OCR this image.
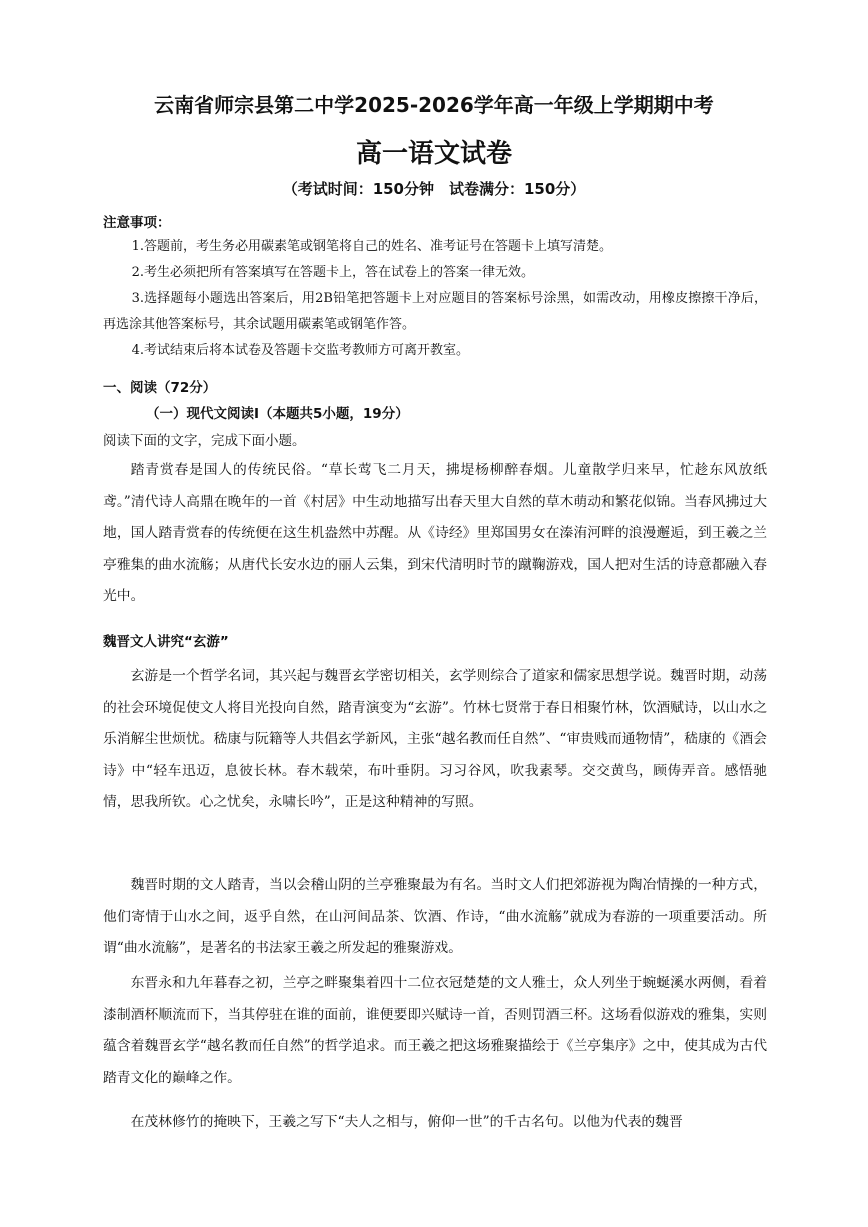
云南省师宗县第二中学2025-2026学年高一年级上学期期中考
高一语文试卷
（考试时间：150分钟　试卷满分：150分）
注意事项：
1.答题前，考生务必用碳素笔或钢笔将自己的姓名、准考证号在答题卡上填写清楚。
2.考生必须把所有答案填写在答题卡上，答在试卷上的答案一律无效。
3.选择题每小题选出答案后，用2B铅笔把答题卡上对应题目的答案标号涂黑，如需改动，用橡皮擦擦干净后，再选涂其他答案标号，其余试题用碳素笔或钢笔作答。
4.考试结束后将本试卷及答题卡交监考教师方可离开教室。
一、阅读（72分）
（一）现代文阅读Ⅰ（本题共5小题，19分）
阅读下面的文字，完成下面小题。
踏青赏春是国人的传统民俗。“草长莺飞二月天，拂堤杨柳醉春烟。儿童散学归来早，忙趁东风放纸鸢。”清代诗人高鼎在晚年的一首《村居》中生动地描写出春天里大自然的草木萌动和繁花似锦。当春风拂过大地，国人踏青赏春的传统便在这生机盎然中苏醒。从《诗经》里郑国男女在溱洧河畔的浪漫邂逅，到王羲之兰亭雅集的曲水流觞；从唐代长安水边的丽人云集，到宋代清明时节的蹴鞠游戏，国人把对生活的诗意都融入春光中。
魏晋文人讲究“玄游”
玄游是一个哲学名词，其兴起与魏晋玄学密切相关，玄学则综合了道家和儒家思想学说。魏晋时期，动荡的社会环境促使文人将目光投向自然，踏青演变为“玄游”。竹林七贤常于春日相聚竹林，饮酒赋诗，以山水之乐消解尘世烦忧。嵇康与阮籍等人共倡玄学新风，主张“越名教而任自然”、“审贵贱而通物情”，嵇康的《酒会诗》中“轻车迅迈，息彼长林。春木载荣，布叶垂阴。习习谷风，吹我素琴。交交黄鸟，顾俦弄音。感悟驰情，思我所钦。心之忧矣，永啸长吟”，正是这种精神的写照。
魏晋时期的文人踏青，当以会稽山阴的兰亭雅聚最为有名。当时文人们把郊游视为陶冶情操的一种方式，他们寄情于山水之间，返乎自然，在山河间品茶、饮酒、作诗，“曲水流觞”就成为春游的一项重要活动。所谓“曲水流觞”，是著名的书法家王羲之所发起的雅聚游戏。
东晋永和九年暮春之初，兰亭之畔聚集着四十二位衣冠楚楚的文人雅士，众人列坐于蜿蜒溪水两侧，看着漆制酒杯顺流而下，当其停驻在谁的面前，谁便要即兴赋诗一首，否则罚酒三杯。这场看似游戏的雅集，实则蕴含着魏晋玄学“越名教而任自然”的哲学追求。而王羲之把这场雅聚描绘于《兰亭集序》之中，使其成为古代踏青文化的巅峰之作。
在茂林修竹的掩映下，王羲之写下“夫人之相与，俯仰一世”的千古名句。以他为代表的魏晋
